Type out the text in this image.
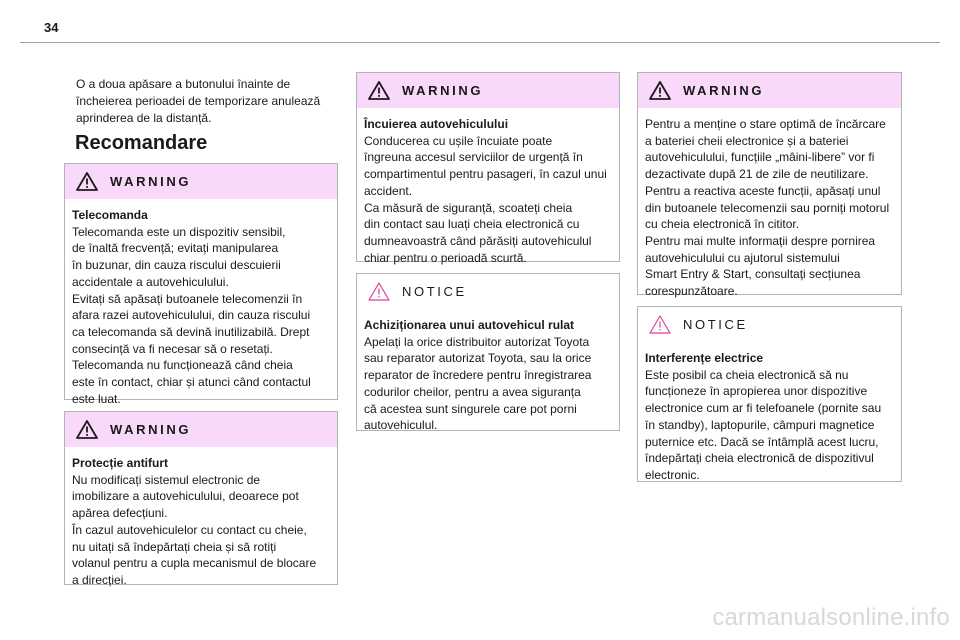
34
O a doua apăsare a butonului înainte de
încheierea perioadei de temporizare anulează
aprinderea de la distanță.
Recomandare
WARNING
Telecomanda
Telecomanda este un dispozitiv sensibil,
de înaltă frecvență; evitați manipularea
în buzunar, din cauza riscului descuierii
accidentale a autovehiculului.
Evitați să apăsați butoanele telecomenzii în
afara razei autovehiculului, din cauza riscului
ca telecomanda să devină inutilizabilă. Drept
consecință va fi necesar să o resetați.
Telecomanda nu funcționează când cheia
este în contact, chiar și atunci când contactul
este luat.
WARNING
Protecție antifurt
Nu modificați sistemul electronic de
imobilizare a autovehiculului, deoarece pot
apărea defecțiuni.
În cazul autovehiculelor cu contact cu cheie,
nu uitați să îndepărtați cheia și să rotiți
volanul pentru a cupla mecanismul de blocare
a direcției.
WARNING
Încuierea autovehiculului
Conducerea cu ușile încuiate poate
îngreuna accesul serviciilor de urgență în
compartimentul pentru pasageri, în cazul unui
accident.
Ca măsură de siguranță, scoateți cheia
din contact sau luați cheia electronică cu
dumneavoastră când părăsiți autovehiculul
chiar pentru o perioadă scurtă.
NOTICE
Achiziționarea unui autovehicul rulat
Apelați la orice distribuitor autorizat Toyota
sau reparator autorizat Toyota, sau la orice
reparator de încredere pentru înregistrarea
codurilor cheilor, pentru a avea siguranța
că acestea sunt singurele care pot porni
autovehiculul.
WARNING
Pentru a menține o stare optimă de încărcare
a bateriei cheii electronice și a bateriei
autovehiculului, funcțiile „mâini-libere” vor fi
dezactivate după 21 de zile de neutilizare.
Pentru a reactiva aceste funcții, apăsați unul
din butoanele telecomenzii sau porniți motorul
cu cheia electronică în cititor.
Pentru mai multe informații despre pornirea
autovehiculului cu ajutorul sistemului
Smart Entry & Start, consultați secțiunea
corespunzătoare.
NOTICE
Interferențe electrice
Este posibil ca cheia electronică să nu
funcționeze în apropierea unor dispozitive
electronice cum ar fi telefoanele (pornite sau
în standby), laptopurile, câmpuri magnetice
puternice etc. Dacă se întâmplă acest lucru,
îndepărtați cheia electronică de dispozitivul
electronic.
carmanualsonline.info
